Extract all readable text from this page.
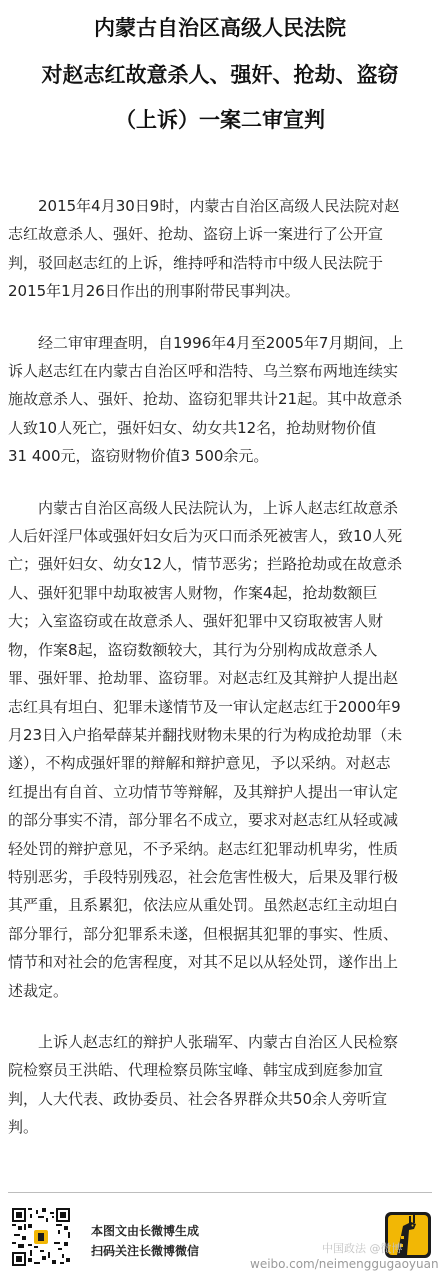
内蒙古自治区高级人民法院
对赵志红故意杀人、强奸、抢劫、盗窃
（上诉）一案二审宣判
　　2015年4月30日9时，内蒙古自治区高级人民法院对赵
志红故意杀人、强奸、抢劫、盗窃上诉一案进行了公开宣
判，驳回赵志红的上诉，维持呼和浩特市中级人民法院于
2015年1月26日作出的刑事附带民事判决。
　　经二审审理查明，自1996年4月至2005年7月期间，上
诉人赵志红在内蒙古自治区呼和浩特、乌兰察布两地连续实
施故意杀人、强奸、抢劫、盗窃犯罪共计21起。其中故意杀
人致10人死亡，强奸妇女、幼女共12名，抢劫财物价值
31 400元，盗窃财物价值3 500余元。
　　内蒙古自治区高级人民法院认为，上诉人赵志红故意杀
人后奸淫尸体或强奸妇女后为灭口而杀死被害人，致10人死
亡；强奸妇女、幼女12人，情节恶劣；拦路抢劫或在故意杀
人、强奸犯罪中劫取被害人财物，作案4起，抢劫数额巨
大；入室盗窃或在故意杀人、强奸犯罪中又窃取被害人财
物，作案8起，盗窃数额较大，其行为分别构成故意杀人
罪、强奸罪、抢劫罪、盗窃罪。对赵志红及其辩护人提出赵
志红具有坦白、犯罪未遂情节及一审认定赵志红于2000年9
月23日入户掐晕薛某并翻找财物未果的行为构成抢劫罪（未
遂），不构成强奸罪的辩解和辩护意见，予以采纳。对赵志
红提出有自首、立功情节等辩解，及其辩护人提出一审认定
的部分事实不清，部分罪名不成立，要求对赵志红从轻或减
轻处罚的辩护意见，不予采纳。赵志红犯罪动机卑劣，性质
特别恶劣，手段特别残忍，社会危害性极大，后果及罪行极
其严重，且系累犯，依法应从重处罚。虽然赵志红主动坦白
部分罪行，部分犯罪系未遂，但根据其犯罪的事实、性质、
情节和对社会的危害程度，对其不足以从轻处罚，遂作出上
述裁定。
　　上诉人赵志红的辩护人张瑞军、内蒙古自治区人民检察
院检察员王洪皓、代理检察员陈宝峰、韩宝成到庭参加宣
判，人大代表、政协委员、社会各界群众共50余人旁听宣
判。
本图文由长微博生成
扫码关注长微博微信	中国政法 @微博
weibo.com/neimenggugaoyuan
